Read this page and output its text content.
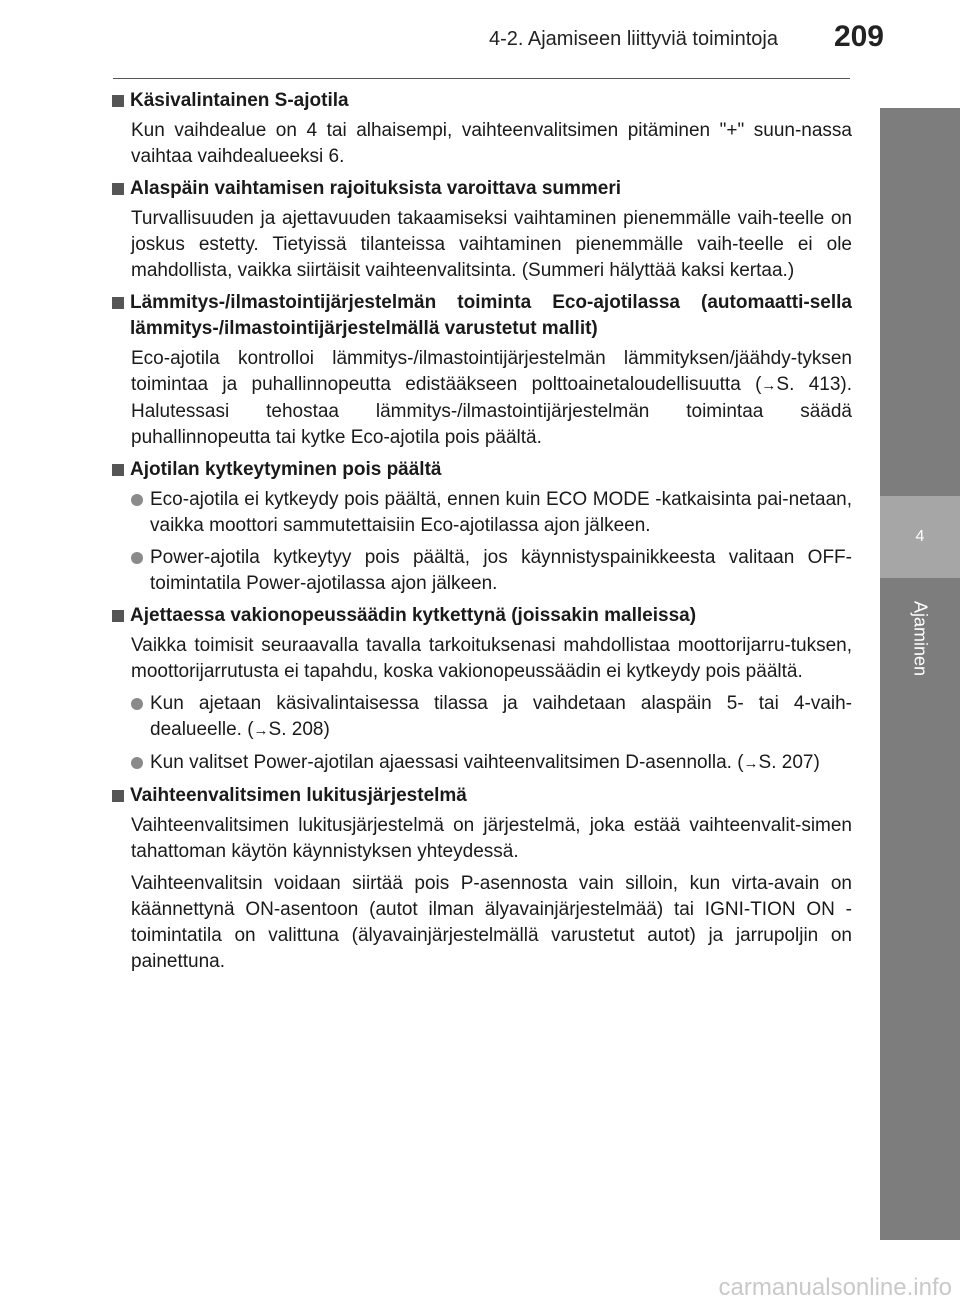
4-2. Ajamiseen liittyviä toimintoja 209
4
Ajaminen
Käsivalintainen S-ajotila
Kun vaihdealue on 4 tai alhaisempi, vaihteenvalitsimen pitäminen "+" suun-nassa vaihtaa vaihdealueeksi 6.
Alaspäin vaihtamisen rajoituksista varoittava summeri
Turvallisuuden ja ajettavuuden takaamiseksi vaihtaminen pienemmälle vaih-teelle on joskus estetty. Tietyissä tilanteissa vaihtaminen pienemmälle vaih-teelle ei ole mahdollista, vaikka siirtäisit vaihteenvalitsinta. (Summeri hälyttää kaksi kertaa.)
Lämmitys-/ilmastointijärjestelmän toiminta Eco-ajotilassa (automaatti-sella lämmitys-/ilmastointijärjestelmällä varustetut mallit)
Eco-ajotila kontrolloi lämmitys-/ilmastointijärjestelmän lämmityksen/jäähdy-tyksen toimintaa ja puhallinnopeutta edistääkseen polttoainetaloudellisuutta (→S. 413). Halutessasi tehostaa lämmitys-/ilmastointijärjestelmän toimintaa säädä puhallinnopeutta tai kytke Eco-ajotila pois päältä.
Ajotilan kytkeytyminen pois päältä
Eco-ajotila ei kytkeydy pois päältä, ennen kuin ECO MODE -katkaisinta pai-netaan, vaikka moottori sammutettaisiin Eco-ajotilassa ajon jälkeen.
Power-ajotila kytkeytyy pois päältä, jos käynnistyspainikkeesta valitaan OFF-toimintatila Power-ajotilassa ajon jälkeen.
Ajettaessa vakionopeussäädin kytkettynä (joissakin malleissa)
Vaikka toimisit seuraavalla tavalla tarkoituksenasi mahdollistaa moottorijarru-tuksen, moottorijarrutusta ei tapahdu, koska vakionopeussäädin ei kytkeydy pois päältä.
Kun ajetaan käsivalintaisessa tilassa ja vaihdetaan alaspäin 5- tai 4-vaih-dealueelle. (→S. 208)
Kun valitset Power-ajotilan ajaessasi vaihteenvalitsimen D-asennolla. (→S. 207)
Vaihteenvalitsimen lukitusjärjestelmä
Vaihteenvalitsimen lukitusjärjestelmä on järjestelmä, joka estää vaihteenvalit-simen tahattoman käytön käynnistyksen yhteydessä.
Vaihteenvalitsin voidaan siirtää pois P-asennosta vain silloin, kun virta-avain on käännettynä ON-asentoon (autot ilman älyavainjärjestelmää) tai IGNI-TION ON -toimintatila on valittuna (älyavainjärjestelmällä varustetut autot) ja jarrupoljin on painettuna.
carmanualsonline.info
